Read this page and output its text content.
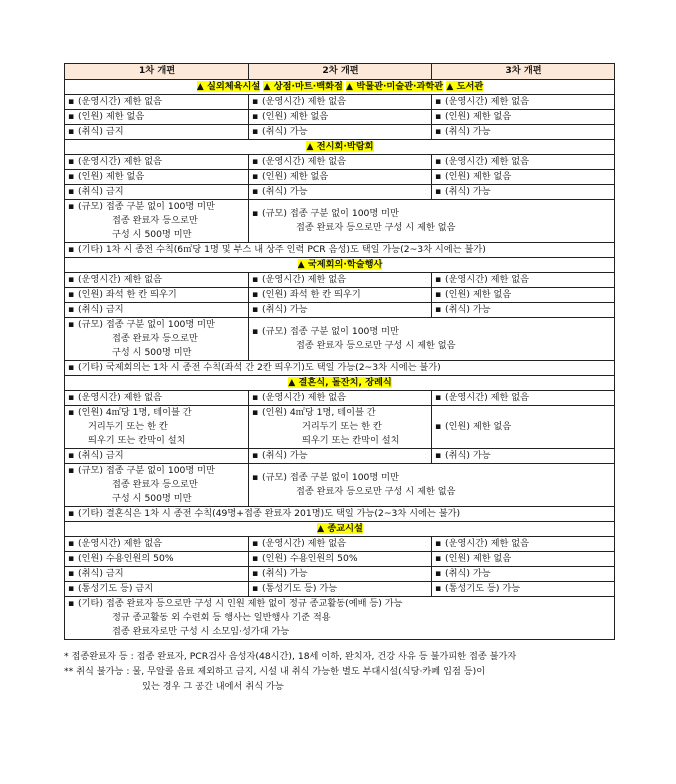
1차 개편	2차 개편	3차 개편
▲ 실외체육시설 ▲ 상점·마트·백화점 ▲ 박물관·미술관·과학관 ▲ 도서관		
▪ (운영시간) 제한 없음	▪ (운영시간) 제한 없음	▪ (운영시간) 제한 없음
▪ (인원) 제한 없음	▪ (인원) 제한 없음	▪ (인원) 제한 없음
▪ (취식) 금지	▪ (취식) 가능	▪ (취식) 가능
▲ 전시회·박람회		
▪ (운영시간) 제한 없음	▪ (운영시간) 제한 없음	▪ (운영시간) 제한 없음
▪ (인원) 제한 없음	▪ (인원) 제한 없음	▪ (인원) 제한 없음
▪ (취식) 금지	▪ (취식) 가능	▪ (취식) 가능
▪ (규모) 접종 구분 없이 100명 미만
접종 완료자 등으로만
구성 시 500명 미만	▪ (규모) 접종 구분 없이 100명 미만
접종 완료자 등으로만 구성 시 제한 없음	

▪ (기타) 1차 시 종전 수칙(6㎡당 1명 및 부스 내 상주 인력 PCR 음성)도 택일 가능(2~3차 시에는 불가)		
▲ 국제회의·학술행사		
▪ (운영시간) 제한 없음	▪ (운영시간) 제한 없음	▪ (운영시간) 제한 없음
▪ (인원) 좌석 한 칸 띄우기	▪ (인원) 좌석 한 칸 띄우기	▪ (인원) 제한 없음
▪ (취식) 금지	▪ (취식) 가능	▪ (취식) 가능
▪ (규모) 접종 구분 없이 100명 미만
접종 완료자 등으로만
구성 시 500명 미만	▪ (규모) 접종 구분 없이 100명 미만
접종 완료자 등으로만 구성 시 제한 없음	

▪ (기타) 국제회의는 1차 시 종전 수칙(좌석 간 2칸 띄우기)도 택일 가능(2~3차 시에는 불가)		
▲ 결혼식, 돌잔치, 장례식		
▪ (운영시간) 제한 없음	▪ (운영시간) 제한 없음	▪ (운영시간) 제한 없음
▪ (인원) 4㎡당 1명, 테이블 간
거리두기 또는 한 칸
띄우기 또는 칸막이 설치	▪ (인원) 4㎡당 1명, 테이블 간
거리두기 또는 한 칸
띄우기 또는 칸막이 설치	▪ (인원) 제한 없음
▪ (취식) 금지	▪ (취식) 가능	▪ (취식) 가능
▪ (규모) 접종 구분 없이 100명 미만
접종 완료자 등으로만
구성 시 500명 미만	▪ (규모) 접종 구분 없이 100명 미만
접종 완료자 등으로만 구성 시 제한 없음	

▪ (기타) 결혼식은 1차 시 종전 수칙(49명+접종 완료자 201명)도 택일 가능(2~3차 시에는 불가)		
▲ 종교시설		
▪ (운영시간) 제한 없음	▪ (운영시간) 제한 없음	▪ (운영시간) 제한 없음
▪ (인원) 수용인원의 50%	▪ (인원) 수용인원의 50%	▪ (인원) 제한 없음
▪ (취식) 금지	▪ (취식) 가능	▪ (취식) 가능
▪ (통성기도 등) 금지	▪ (통성기도 등) 가능	▪ (통성기도 등) 가능
▪ (기타) 접종 완료자 등으로만 구성 시 인원 제한 없이 정규 종교활동(예배 등) 가능
정규 종교활동 외 수련회 등 행사는 일반행사 기준 적용
접종 완료자로만 구성 시 소모임·성가대 가능		
* 접종완료자 등 : 접종 완료자, PCR검사 음성자(48시간), 18세 이하, 완치자, 건강 사유 등 불가피한 접종 불가자
** 취식 불가능 : 물, 무알콜 음료 제외하고 금지, 시설 내 취식 가능한 별도 부대시설(식당·카페 입점 등)이
있는 경우 그 공간 내에서 취식 가능
